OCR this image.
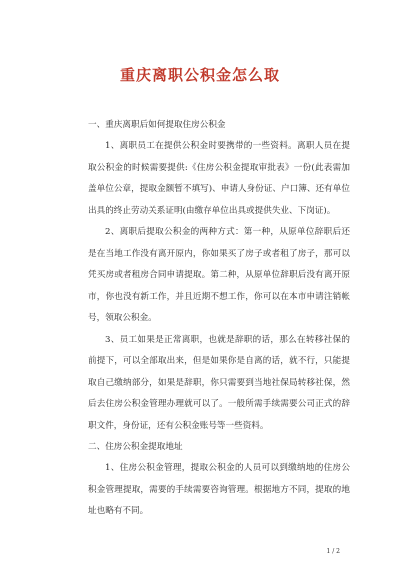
重庆离职公积金怎么取

一、重庆离职后如何提取住房公积金

1、离职员工在提供公积金时要携带的一些资料。离职人员在提取公积金的时候需要提供:《住房公积金提取审批表》一份(此表需加盖单位公章，提取金额暂不填写)、申请人身份证、户口簿、还有单位出具的终止劳动关系证明(由缴存单位出具或提供失业、下岗证)。

2、离职后提取公积金的两种方式：第一种，从原单位辞职后还是在当地工作没有离开原内，你如果买了房子或者租了房子，那可以凭买房或者租房合同申请提取。第二种，从原单位辞职后没有离开原市，你也没有新工作，并且近期不想工作，你可以在本市申请注销帐号，领取公积金。

3、员工如果是正常离职，也就是辞职的话，那么在转移社保的前提下，可以全部取出来，但是如果你是自离的话，就不行，只能提取自己缴纳部分，如果是辞职，你只需要到当地社保局转移社保，然后去住房公积金管理办理就可以了。一般所需手续需要公司正式的辞职文件，身份证，还有公积金账号等一些资料。

二、住房公积金提取地址

1、住房公积金管理，提取公积金的人员可以到缴纳地的住房公积金管理提取，需要的手续需要咨询管理。根据地方不同，提取的地址也略有不同。

1 / 2
